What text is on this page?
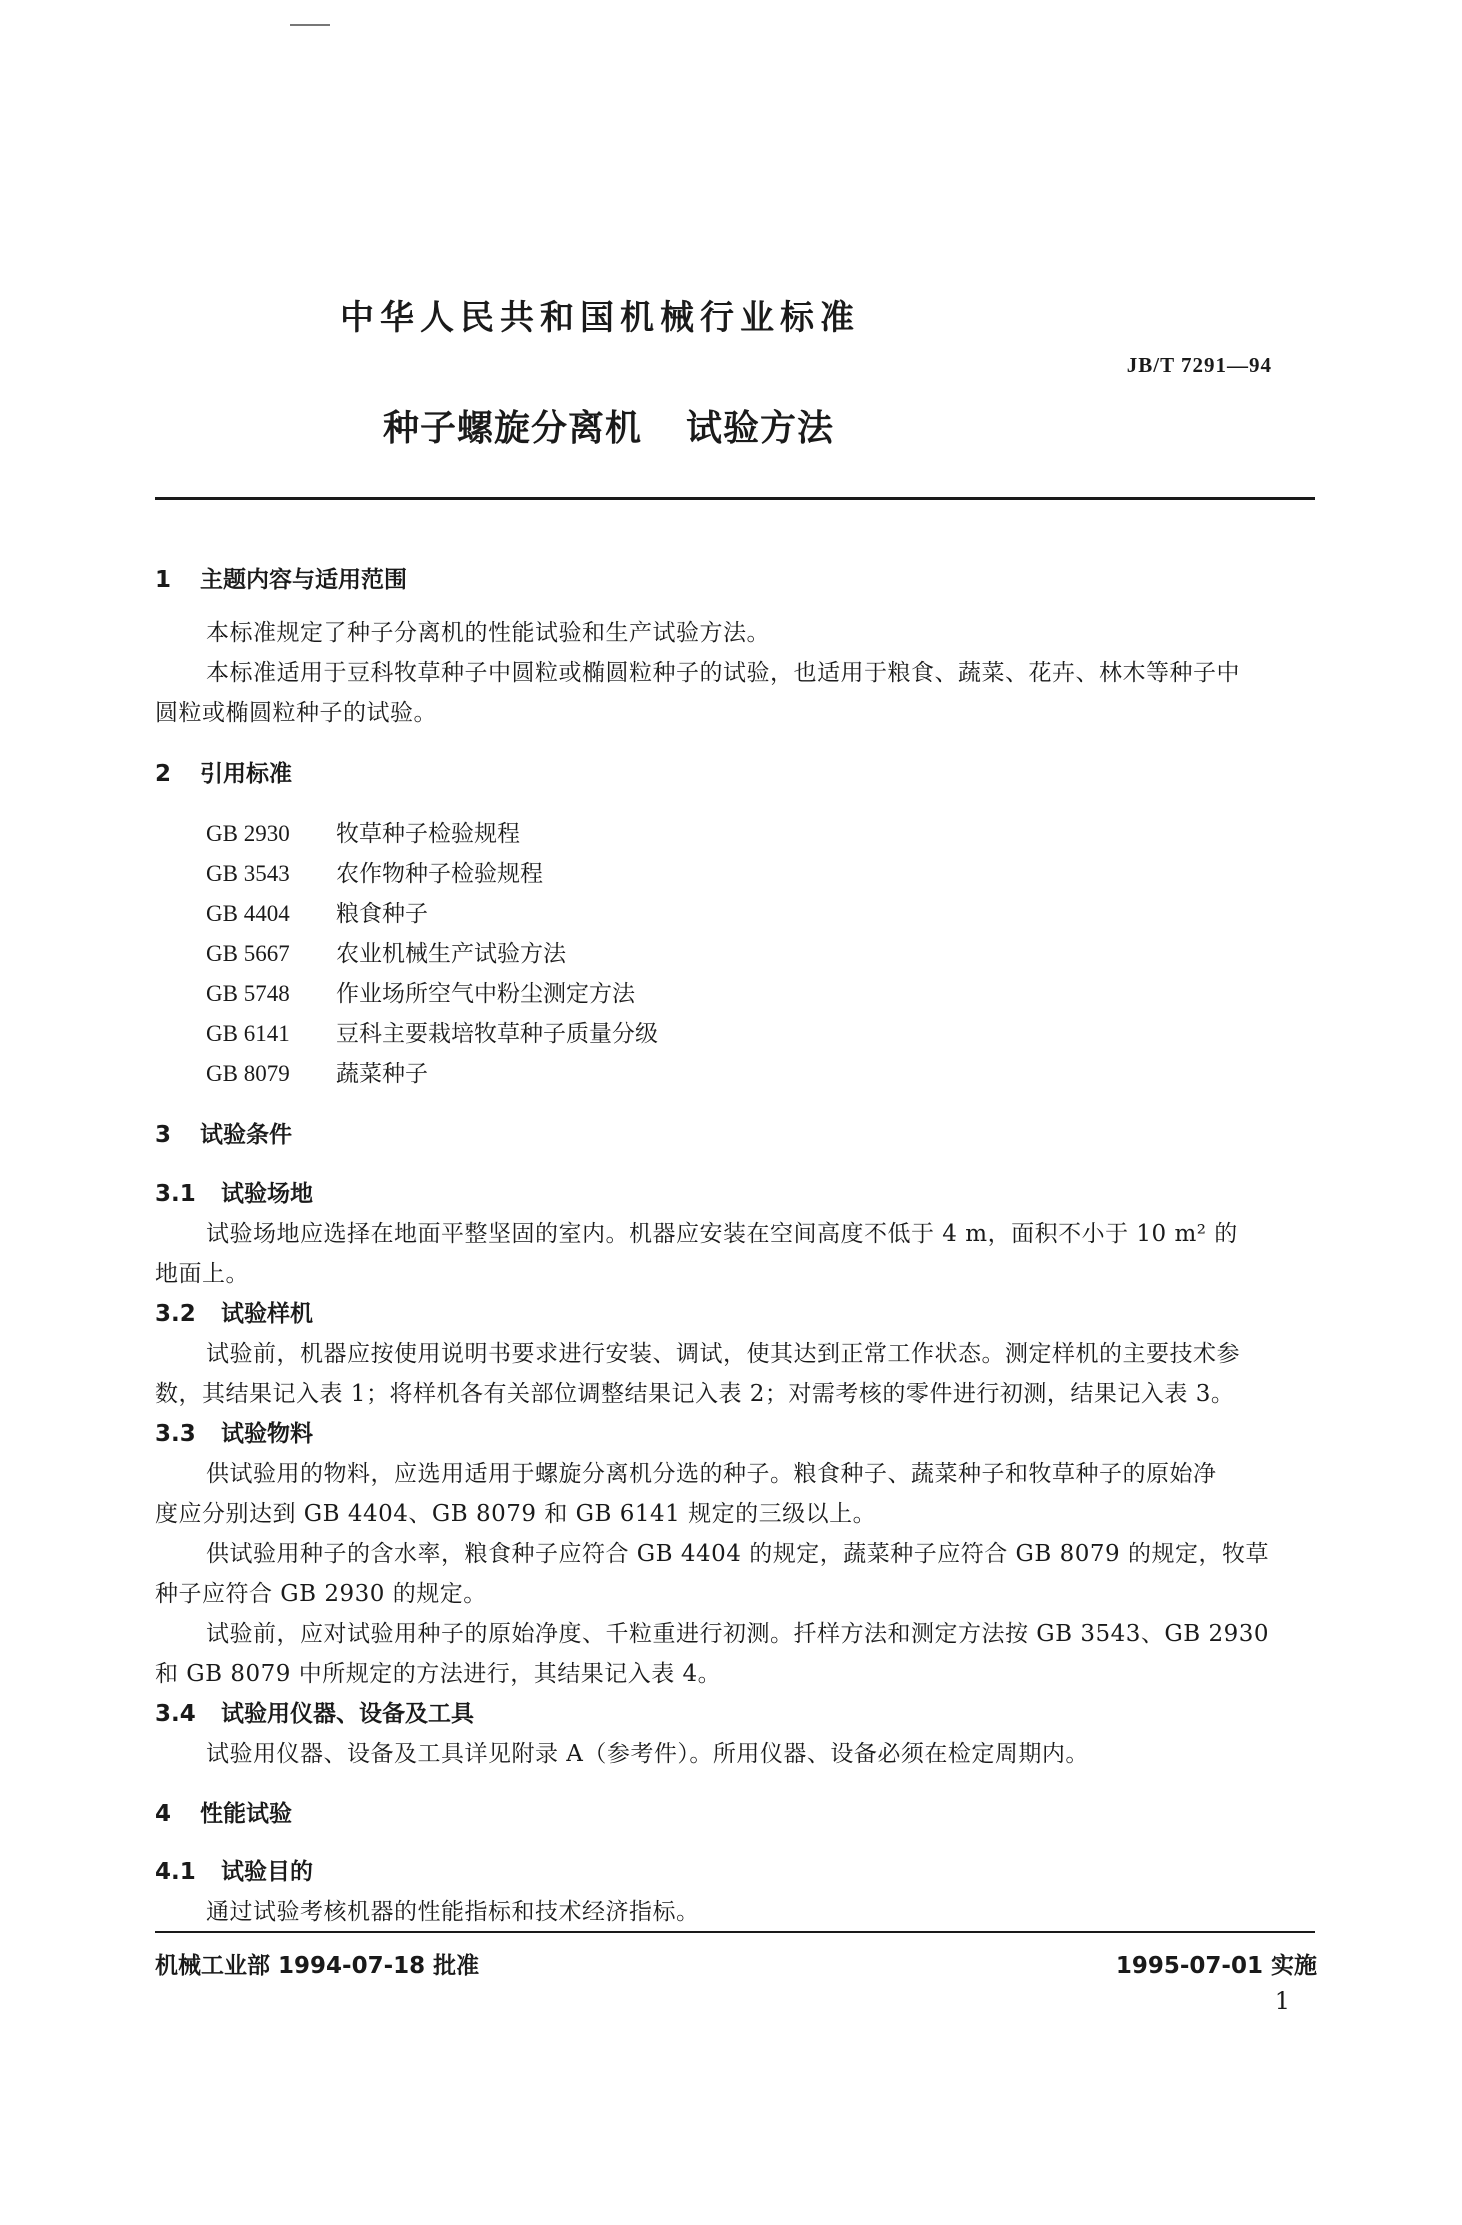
中华人民共和国机械行业标准
JB/T 7291—94
种子螺旋分离机 试验方法
1 主题内容与适用范围
本标准规定了种子分离机的性能试验和生产试验方法。
本标准适用于豆科牧草种子中圆粒或椭圆粒种子的试验，也适用于粮食、蔬菜、花卉、林木等种子中
圆粒或椭圆粒种子的试验。
2 引用标准
GB 2930 牧草种子检验规程
GB 3543 农作物种子检验规程
GB 4404 粮食种子
GB 5667 农业机械生产试验方法
GB 5748 作业场所空气中粉尘测定方法
GB 6141 豆科主要栽培牧草种子质量分级
GB 8079 蔬菜种子
3 试验条件
3.1 试验场地
试验场地应选择在地面平整坚固的室内。机器应安装在空间高度不低于 4 m，面积不小于 10 m² 的
地面上。
3.2 试验样机
试验前，机器应按使用说明书要求进行安装、调试，使其达到正常工作状态。测定样机的主要技术参
数，其结果记入表 1；将样机各有关部位调整结果记入表 2；对需考核的零件进行初测，结果记入表 3。
3.3 试验物料
供试验用的物料，应选用适用于螺旋分离机分选的种子。粮食种子、蔬菜种子和牧草种子的原始净
度应分别达到 GB 4404、GB 8079 和 GB 6141 规定的三级以上。
供试验用种子的含水率，粮食种子应符合 GB 4404 的规定，蔬菜种子应符合 GB 8079 的规定，牧草
种子应符合 GB 2930 的规定。
试验前，应对试验用种子的原始净度、千粒重进行初测。扦样方法和测定方法按 GB 3543、GB 2930
和 GB 8079 中所规定的方法进行，其结果记入表 4。
3.4 试验用仪器、设备及工具
试验用仪器、设备及工具详见附录 A（参考件）。所用仪器、设备必须在检定周期内。
4 性能试验
4.1 试验目的
通过试验考核机器的性能指标和技术经济指标。
机械工业部 1994-07-18 批准	1995-07-01 实施
1
